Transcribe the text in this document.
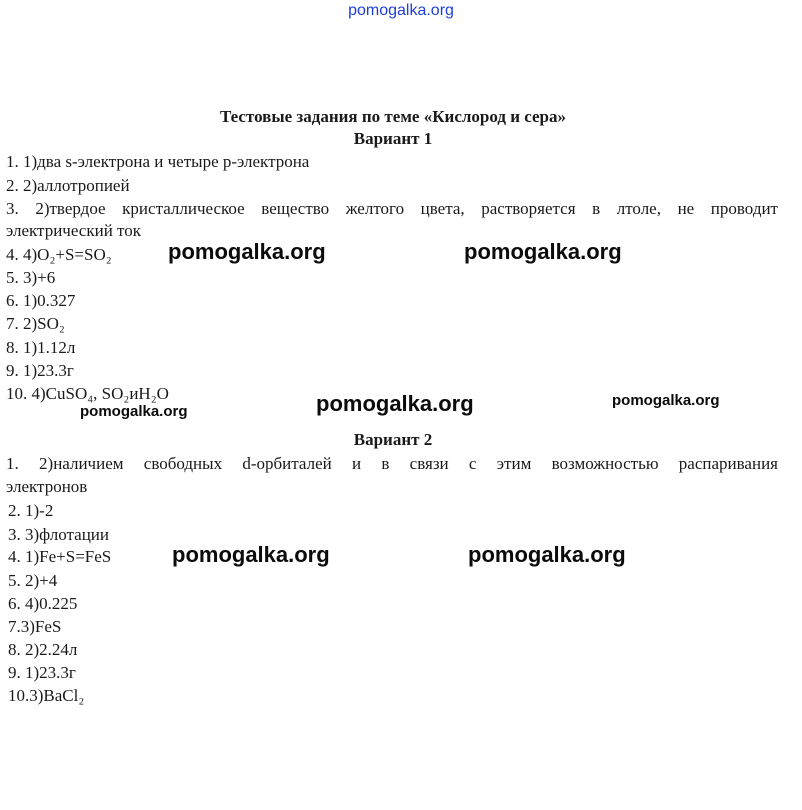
pomogalka.org
Тестовые задания по теме «Кислород и сера»
Вариант 1
1. 1)два s-электрона и четыре p-электрона
2. 2)аллотропией
3. 2)твердое кристаллическое вещество желтого цвета, растворяется в лтоле, не проводит
электрический ток
4. 4)O₂+S=SO₂
5. 3)+6
6. 1)0.327
7. 2)SO₂
8. 1)1.12л
9. 1)23.3г
10. 4)CuSO₄, SO₂иH₂O
Вариант 2
1. 2)наличием свободных d-орбиталей и в связи с этим возможностью распаривания
электронов
2. 1)-2
3. 3)флотации
4. 1)Fe+S=FeS
5. 2)+4
6. 4)0.225
7.3)FeS
8. 2)2.24л
9. 1)23.3г
10.3)BaCl₂
pomogalka.org	pomogalka.org
pomogalka.org
pomogalka.org
pomogalka.org
pomogalka.org	pomogalka.org
